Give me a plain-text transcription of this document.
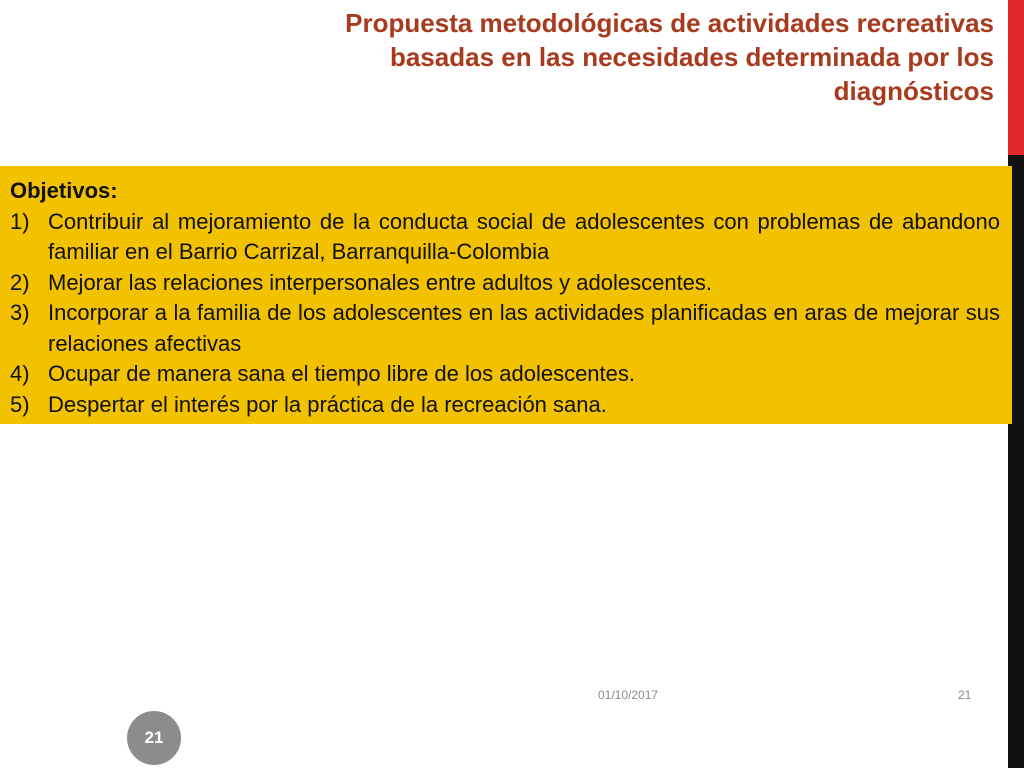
Propuesta metodológicas de actividades recreativas basadas en las necesidades determinada por los diagnósticos

Objetivos:

1) Contribuir al mejoramiento de la conducta social de adolescentes con problemas de abandono familiar en el Barrio Carrizal, Barranquilla-Colombia
2) Mejorar las relaciones interpersonales entre adultos y adolescentes.
3) Incorporar a la familia de los adolescentes en las actividades planificadas en aras de mejorar sus relaciones afectivas
4) Ocupar de manera sana el tiempo libre de los adolescentes.
5) Despertar el interés por la práctica de la recreación sana.
01/10/2017	21
21
